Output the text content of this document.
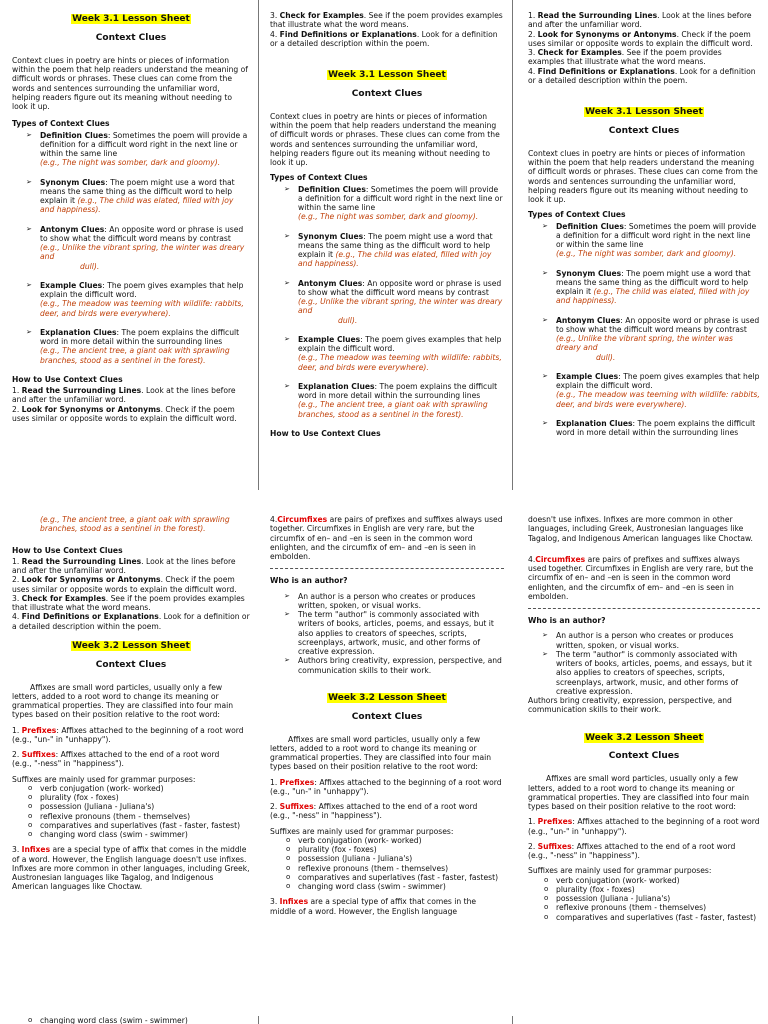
Week 3.1 Lesson Sheet
Context Clues

Context clues in poetry are hints or pieces of information within the poem that help readers understand the meaning of difficult words or phrases. These clues can come from the words and sentences surrounding the unfamiliar word, helping readers figure out its meaning without needing to look it up.

Types of Context Clues
➢ Definition Clues: Sometimes the poem will provide a definition for a difficult word right in the next line or within the same line
(e.g., The night was somber, dark and gloomy).
➢ Synonym Clues: The poem might use a word that means the same thing as the difficult word to help explain it (e.g., The child was elated, filled with joy and happiness).
➢ Antonym Clues: An opposite word or phrase is used to show what the difficult word means by contrast
(e.g., Unlike the vibrant spring, the winter was dreary and
dull).
➢ Example Clues: The poem gives examples that help explain the difficult word.
(e.g., The meadow was teeming with wildlife: rabbits, deer, and birds were everywhere).
➢ Explanation Clues: The poem explains the difficult word in more detail within the surrounding lines
(e.g., The ancient tree, a giant oak with sprawling branches, stood as a sentinel in the forest).
How to Use Context Clues
1. Read the Surrounding Lines. Look at the lines before and after the unfamiliar word.
2. Look for Synonyms or Antonyms. Check if the poem uses similar or opposite words to explain the difficult word.
3. Check for Examples. See if the poem provides examples that illustrate what the word means.
4. Find Definitions or Explanations. Look for a definition or a detailed description within the poem.
Week 3.1 Lesson Sheet
Context Clues

Context clues in poetry are hints or pieces of information within the poem that help readers understand the meaning of difficult words or phrases. These clues can come from the words and sentences surrounding the unfamiliar word, helping readers figure out its meaning without needing to look it up.

Types of Context Clues
➢ Definition Clues: Sometimes the poem will provide a definition for a difficult word right in the next line or within the same line
(e.g., The night was somber, dark and gloomy).
➢ Synonym Clues: The poem might use a word that means the same thing as the difficult word to help explain it (e.g., The child was elated, filled with joy and happiness).
➢ Antonym Clues: An opposite word or phrase is used to show what the difficult word means by contrast
(e.g., Unlike the vibrant spring, the winter was dreary and
dull).
➢ Example Clues: The poem gives examples that help explain the difficult word.
(e.g., The meadow was teeming with wildlife: rabbits, deer, and birds were everywhere).
➢ Explanation Clues: The poem explains the difficult word in more detail within the surrounding lines
(e.g., The ancient tree, a giant oak with sprawling branches, stood as a sentinel in the forest).
How to Use Context Clues
1. Read the Surrounding Lines. Look at the lines before and after the unfamiliar word.
2. Look for Synonyms or Antonyms. Check if the poem uses similar or opposite words to explain the difficult word.
3. Check for Examples. See if the poem provides examples that illustrate what the word means.
4. Find Definitions or Explanations. Look for a definition or a detailed description within the poem.
Week 3.1 Lesson Sheet
Context Clues

Context clues in poetry are hints or pieces of information within the poem that help readers understand the meaning of difficult words or phrases. These clues can come from the words and sentences surrounding the unfamiliar word, helping readers figure out its meaning without needing to look it up.

Types of Context Clues
➢ Definition Clues: Sometimes the poem will provide a definition for a difficult word right in the next line or within the same line
(e.g., The night was somber, dark and gloomy).
➢ Synonym Clues: The poem might use a word that means the same thing as the difficult word to help explain it (e.g., The child was elated, filled with joy and happiness).
➢ Antonym Clues: An opposite word or phrase is used to show what the difficult word means by contrast
(e.g., Unlike the vibrant spring, the winter was dreary and
dull).
➢ Example Clues: The poem gives examples that help explain the difficult word.
(e.g., The meadow was teeming with wildlife: rabbits, deer, and birds were everywhere).
➢ Explanation Clues: The poem explains the difficult word in more detail within the surrounding lines
(e.g., The ancient tree, a giant oak with sprawling branches, stood as a sentinel in the forest).
How to Use Context Clues
1. Read the Surrounding Lines. Look at the lines before and after the unfamiliar word.
2. Look for Synonyms or Antonyms. Check if the poem uses similar or opposite words to explain the difficult word.
3. Check for Examples. See if the poem provides examples that illustrate what the word means.
4. Find Definitions or Explanations. Look for a definition or a detailed description within the poem.
Week 3.2 Lesson Sheet
Context Clues

Affixes are small word particles, usually only a few letters, added to a root word to change its meaning or grammatical properties. They are classified into four main types based on their position relative to the root word:

1. Prefixes: Affixes attached to the beginning of a root word
(e.g., "un-" in "unhappy").

2. Suffixes: Affixes attached to the end of a root word
(e.g., "-ness" in "happiness").

Suffixes are mainly used for grammar purposes:
o verb conjugation (work- worked)
o plurality (fox - foxes)
o possession (Juliana - Juliana's)
o reflexive pronouns (them - themselves)
o comparatives and superlatives (fast - faster, fastest)
o changing word class (swim - swimmer)

3. Infixes are a special type of affix that comes in the middle of a word. However, the English language doesn't use infixes. Infixes are more common in other languages, including Greek, Austronesian languages like Tagalog, and Indigenous American languages like Choctaw.

4.Circumfixes are pairs of prefixes and suffixes always used together. Circumfixes in English are very rare, but the circumfix of en– and –en is seen in the common word enlighten, and the circumfix of em– and –en is seen in embolden.

Who is an author?
➢ An author is a person who creates or produces written, spoken, or visual works.
➢ The term "author" is commonly associated with writers of books, articles, poems, and essays, but it also applies to creators of speeches, scripts, screenplays, artwork, music, and other forms of creative expression.
➢ Authors bring creativity, expression, perspective, and communication skills to their work.
Week 3.2 Lesson Sheet
Context Clues

Affixes are small word particles, usually only a few letters, added to a root word to change its meaning or grammatical properties. They are classified into four main types based on their position relative to the root word:

1. Prefixes: Affixes attached to the beginning of a root word
(e.g., "un-" in "unhappy").

2. Suffixes: Affixes attached to the end of a root word
(e.g., "-ness" in "happiness").

Suffixes are mainly used for grammar purposes:
o verb conjugation (work- worked)
o plurality (fox - foxes)
o possession (Juliana - Juliana's)
o reflexive pronouns (them - themselves)
o comparatives and superlatives (fast - faster, fastest)
o changing word class (swim - swimmer)

3. Infixes are a special type of affix that comes in the middle of a word. However, the English language

doesn't use infixes. Infixes are more common in other languages, including Greek, Austronesian languages like Tagalog, and Indigenous American languages like Choctaw.

4.Circumfixes are pairs of prefixes and suffixes always used together. Circumfixes in English are very rare, but the circumfix of en– and –en is seen in the common word enlighten, and the circumfix of em– and –en is seen in embolden.

Who is an author?
➢ An author is a person who creates or produces written, spoken, or visual works.
➢ The term "author" is commonly associated with writers of books, articles, poems, and essays, but it also applies to creators of speeches, scripts, screenplays, artwork, music, and other forms of creative expression.
Authors bring creativity, expression, perspective, and communication skills to their work.
Week 3.2 Lesson Sheet
Context Clues

Affixes are small word particles, usually only a few letters, added to a root word to change its meaning or grammatical properties. They are classified into four main types based on their position relative to the root word:

1. Prefixes: Affixes attached to the beginning of a root word
(e.g., "un-" in "unhappy").

2. Suffixes: Affixes attached to the end of a root word
(e.g., "-ness" in "happiness").

Suffixes are mainly used for grammar purposes:
o verb conjugation (work- worked)
o plurality (fox - foxes)
o possession (Juliana - Juliana's)
o reflexive pronouns (them - themselves)
o comparatives and superlatives (fast - faster, fastest)
o changing word class (swim - swimmer)
